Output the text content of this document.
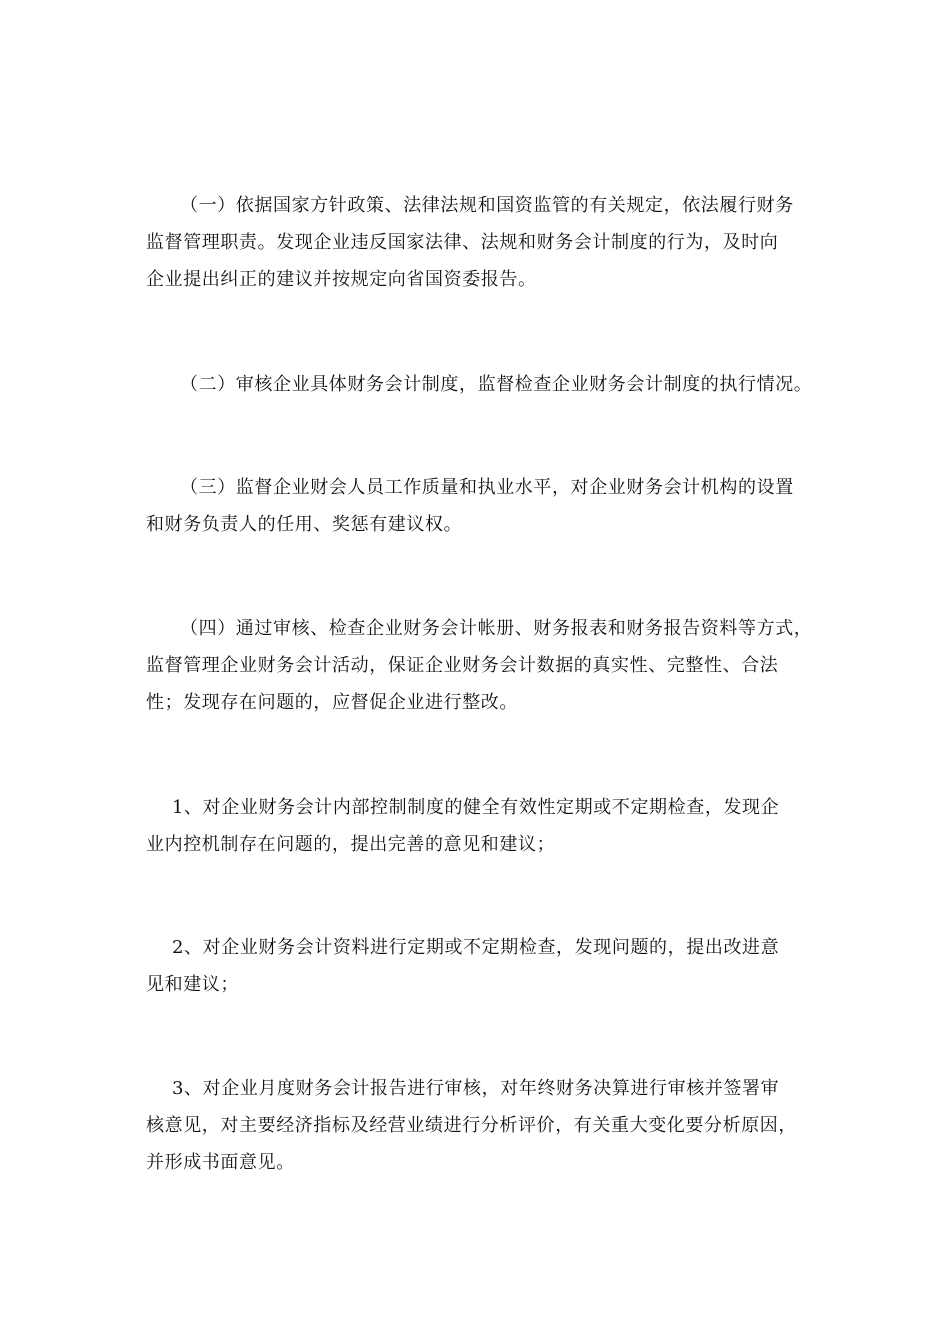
（一）依据国家方针政策、法律法规和国资监管的有关规定，依法履行财务
监督管理职责。发现企业违反国家法律、法规和财务会计制度的行为，及时向
企业提出纠正的建议并按规定向省国资委报告。
（二）审核企业具体财务会计制度，监督检查企业财务会计制度的执行情况。
（三）监督企业财会人员工作质量和执业水平，对企业财务会计机构的设置
和财务负责人的任用、奖惩有建议权。
（四）通过审核、检查企业财务会计帐册、财务报表和财务报告资料等方式，
监督管理企业财务会计活动，保证企业财务会计数据的真实性、完整性、合法
性；发现存在问题的，应督促企业进行整改。
1、对企业财务会计内部控制制度的健全有效性定期或不定期检查，发现企
业内控机制存在问题的，提出完善的意见和建议；
2、对企业财务会计资料进行定期或不定期检查，发现问题的，提出改进意
见和建议；
3、对企业月度财务会计报告进行审核，对年终财务决算进行审核并签署审
核意见，对主要经济指标及经营业绩进行分析评价，有关重大变化要分析原因，
并形成书面意见。
